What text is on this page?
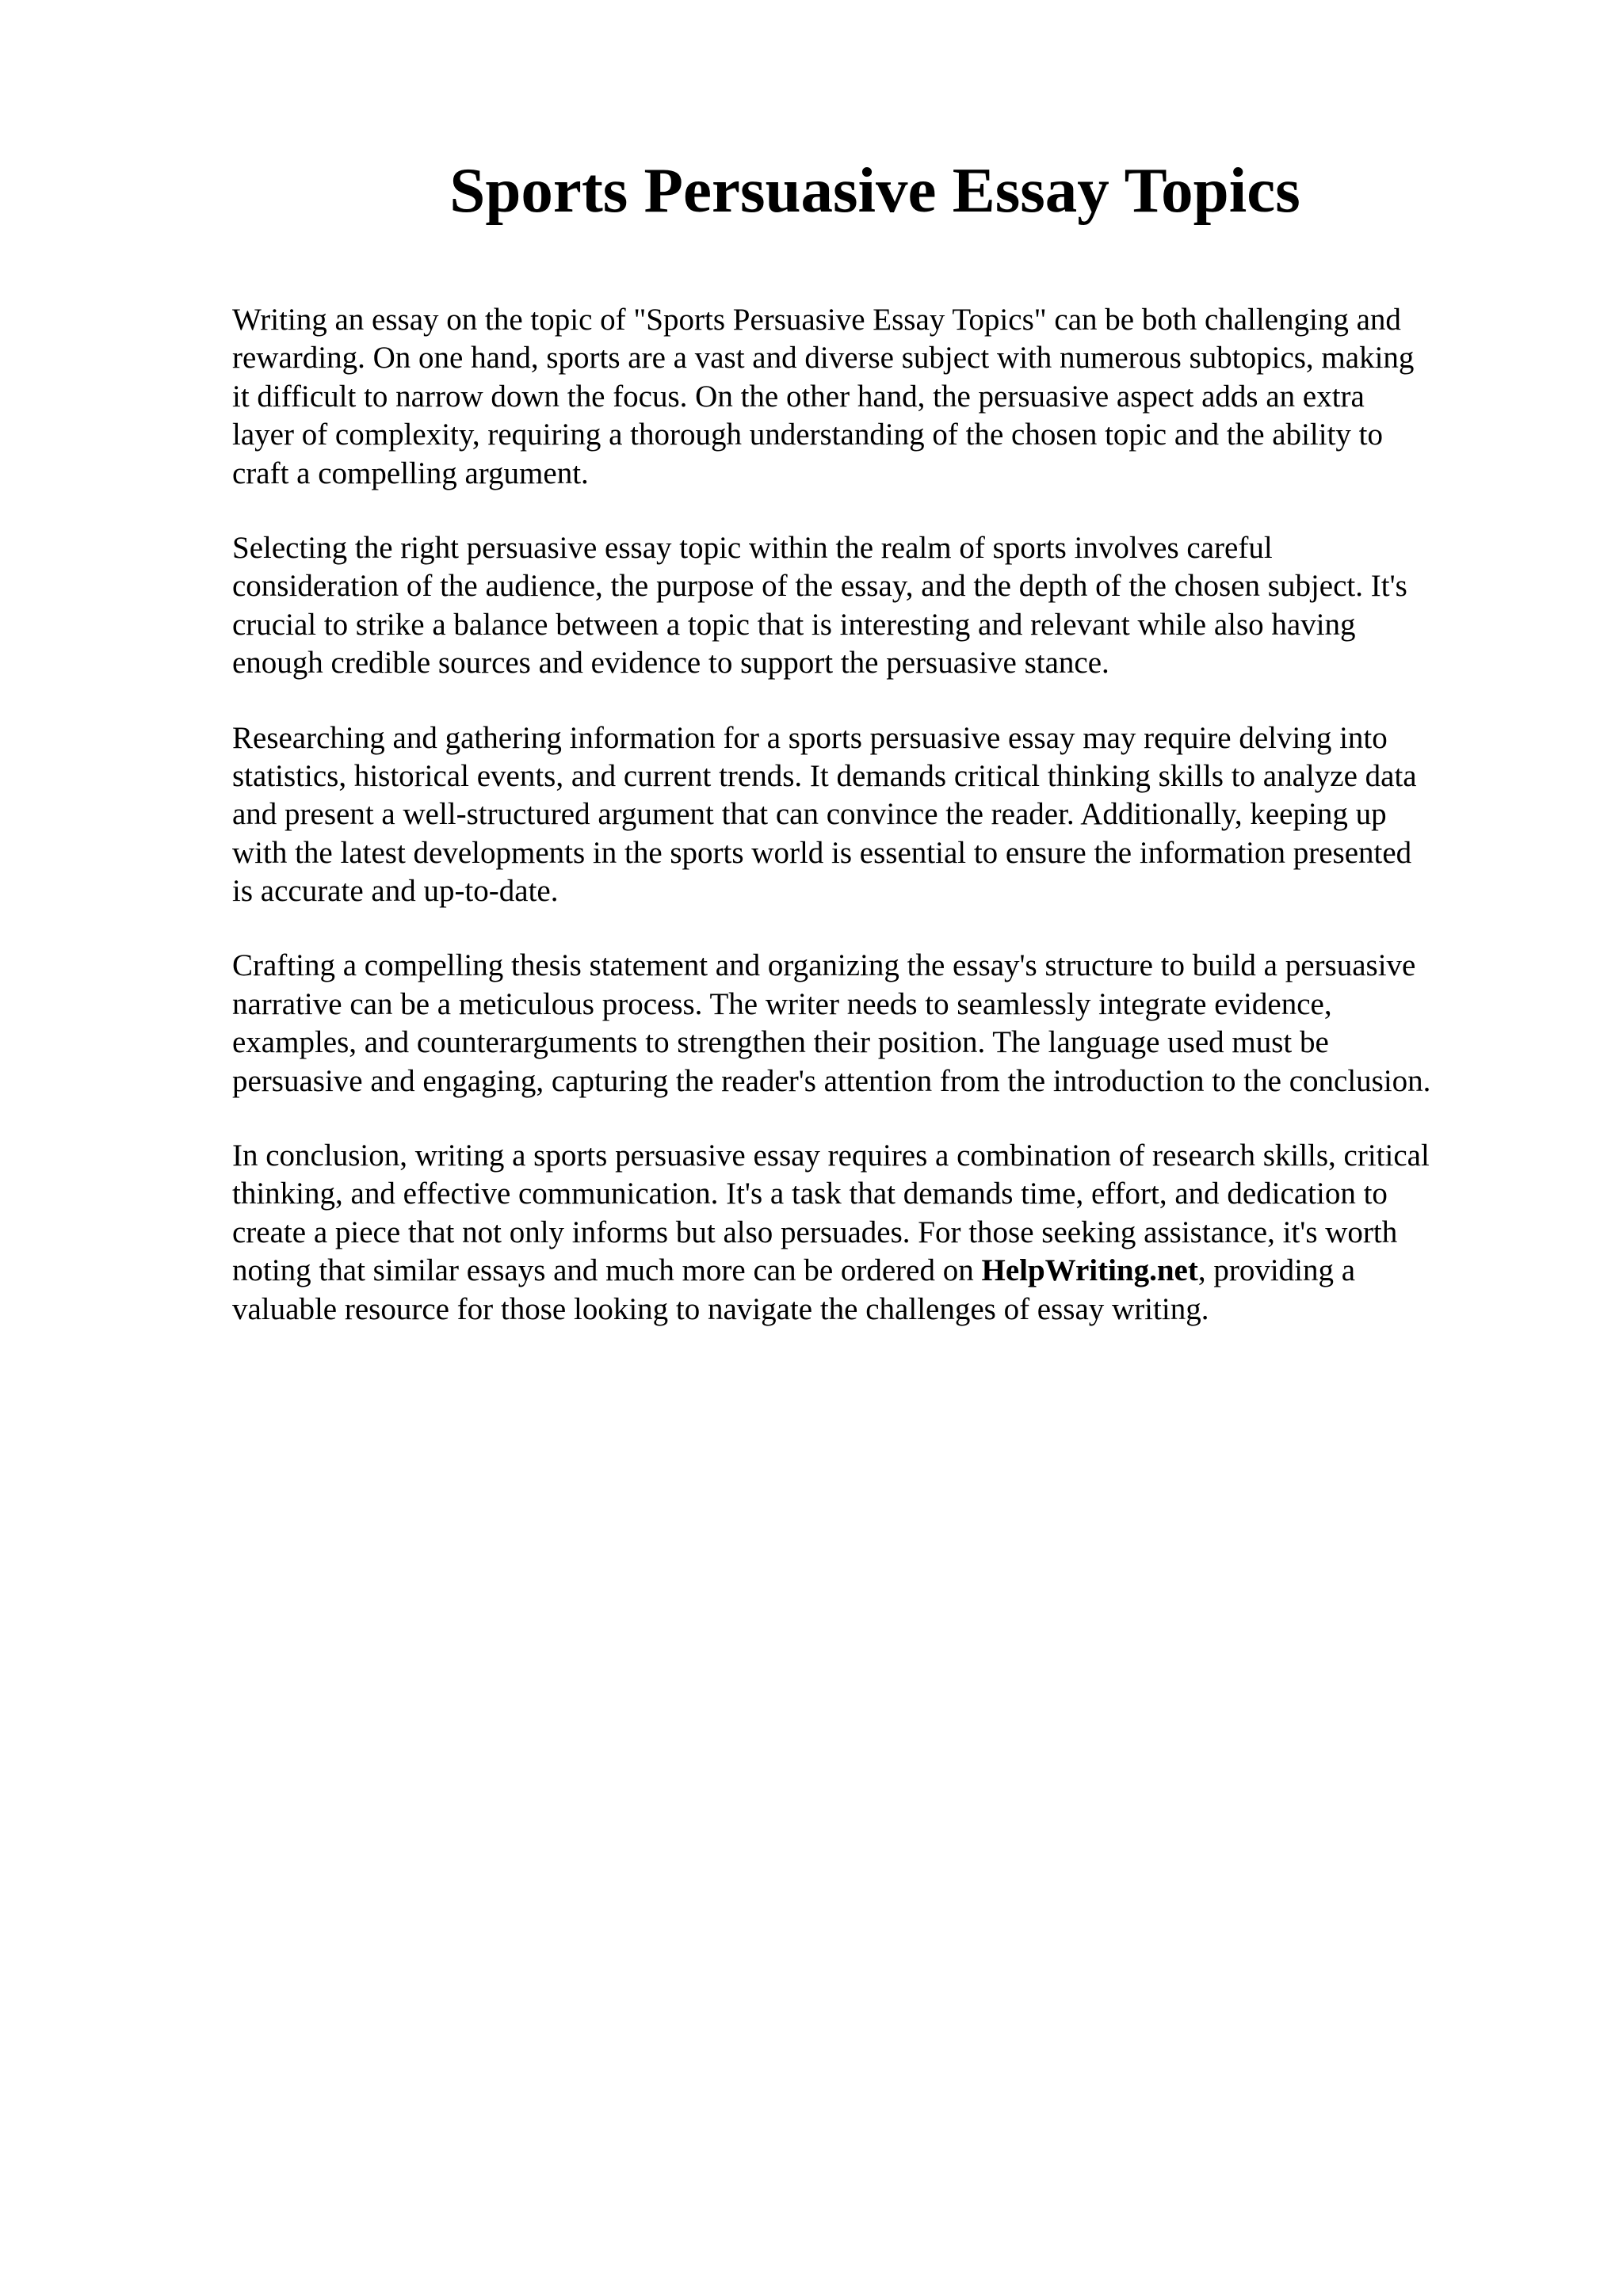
Sports Persuasive Essay Topics

Writing an essay on the topic of "Sports Persuasive Essay Topics" can be both challenging and
rewarding. On one hand, sports are a vast and diverse subject with numerous subtopics, making
it difficult to narrow down the focus. On the other hand, the persuasive aspect adds an extra
layer of complexity, requiring a thorough understanding of the chosen topic and the ability to
craft a compelling argument.

Selecting the right persuasive essay topic within the realm of sports involves careful
consideration of the audience, the purpose of the essay, and the depth of the chosen subject. It's
crucial to strike a balance between a topic that is interesting and relevant while also having
enough credible sources and evidence to support the persuasive stance.

Researching and gathering information for a sports persuasive essay may require delving into
statistics, historical events, and current trends. It demands critical thinking skills to analyze data
and present a well-structured argument that can convince the reader. Additionally, keeping up
with the latest developments in the sports world is essential to ensure the information presented
is accurate and up-to-date.

Crafting a compelling thesis statement and organizing the essay's structure to build a persuasive
narrative can be a meticulous process. The writer needs to seamlessly integrate evidence,
examples, and counterarguments to strengthen their position. The language used must be
persuasive and engaging, capturing the reader's attention from the introduction to the conclusion.

In conclusion, writing a sports persuasive essay requires a combination of research skills, critical
thinking, and effective communication. It's a task that demands time, effort, and dedication to
create a piece that not only informs but also persuades. For those seeking assistance, it's worth
noting that similar essays and much more can be ordered on HelpWriting.net, providing a
valuable resource for those looking to navigate the challenges of essay writing.
